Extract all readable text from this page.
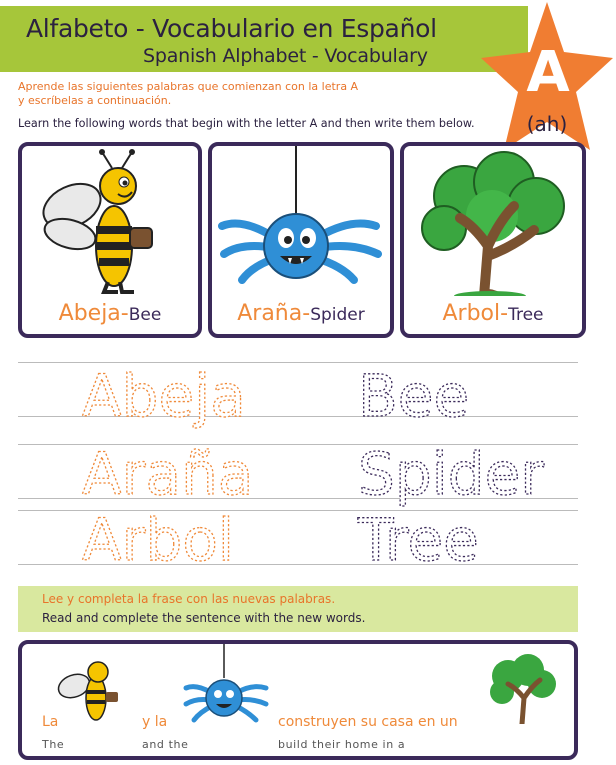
Alfabeto - Vocabulario en Español
Spanish Alphabet - Vocabulary	A
(ah)
Aprende las siguientes palabras que comienzan con la letra A
y escríbelas a continuación.
Learn the following words that begin with the letter A and then write them below.
Abeja-Bee	Araña-Spider	Arbol-Tree
Abeja Bee
Araña Spider
Arbol Tree
Lee y completa la frase con las nuevas palabras.
Read and complete the sentence with the new words.
La	y la	construyen su casa en un
The	and the	build their home in a
